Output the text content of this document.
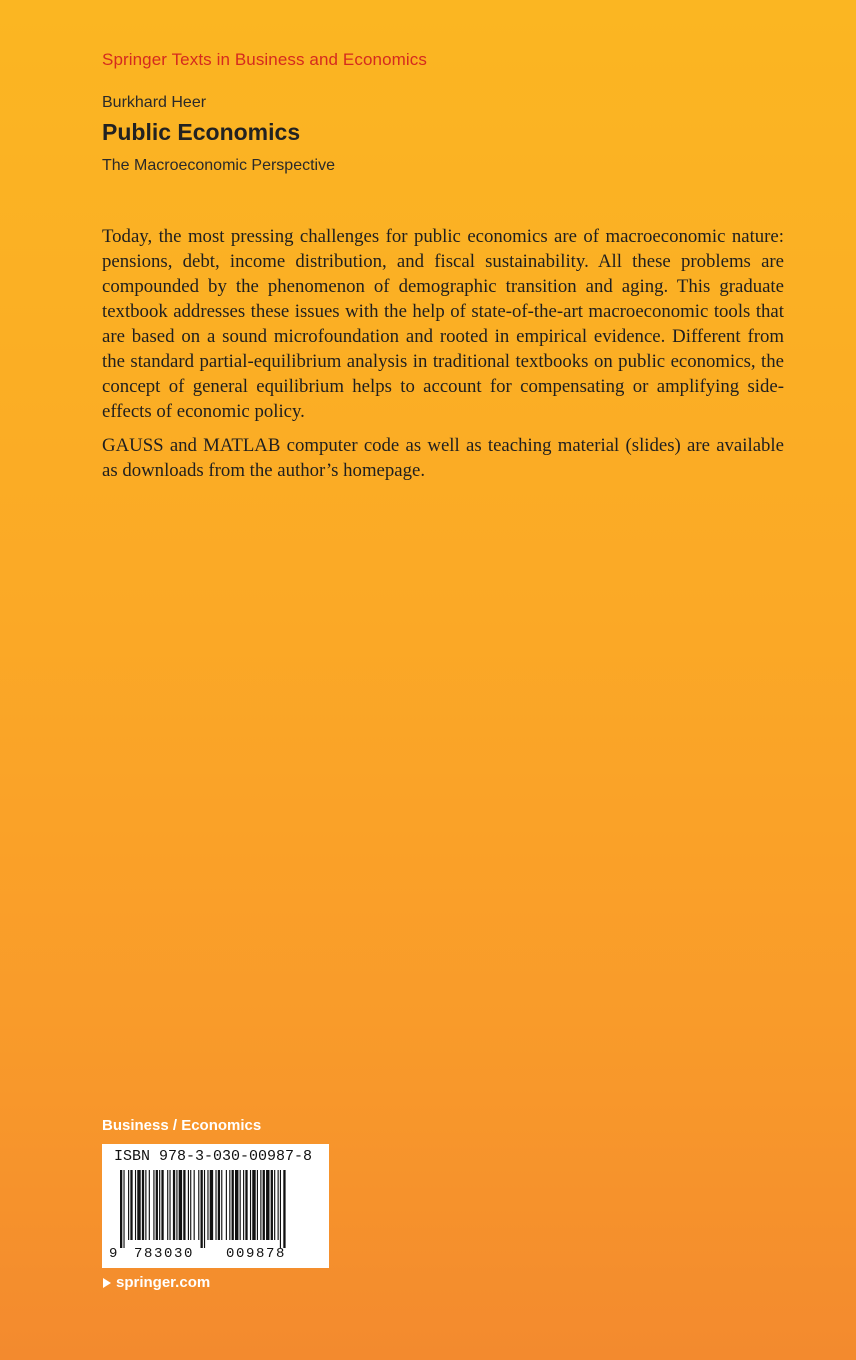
Springer Texts in Business and Economics
Burkhard Heer
Public Economics
The Macroeconomic Perspective

Today, the most pressing challenges for public economics are of macroeconomic nature: pensions, debt, income distribution, and fiscal sustainability. All these problems are compounded by the phenomenon of demographic transition and aging. This graduate textbook addresses these issues with the help of state-of-the-art macroeconomic tools that are based on a sound microfoundation and rooted in empirical evidence. Different from the standard partial-equilibrium analysis in traditional textbooks on public economics, the concept of general equilibrium helps to account for compensating or amplifying side-effects of economic policy.

GAUSS and MATLAB computer code as well as teaching material (slides) are available as downloads from the author’s homepage.

Business / Economics
ISBN 978-3-030-00987-8
9 783030 009878
springer.com
